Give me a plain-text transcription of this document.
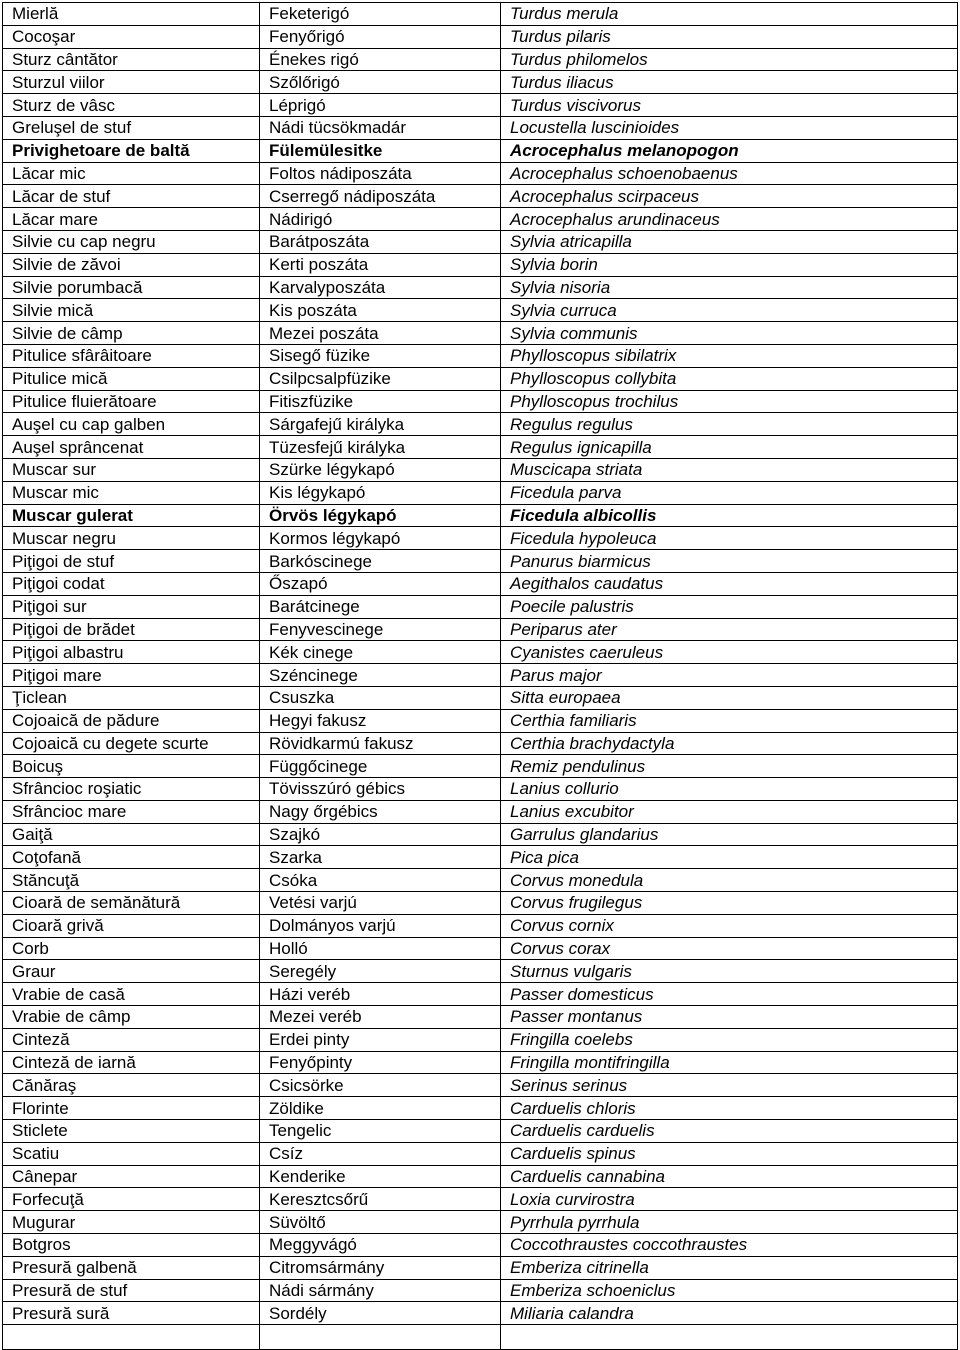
Mierlă	Feketerigó	Turdus merula
Cocoşar	Fenyőrigó	Turdus pilaris
Sturz cântător	Énekes rigó	Turdus philomelos
Sturzul viilor	Szőlőrigó	Turdus iliacus
Sturz de vâsc	Léprigó	Turdus viscivorus
Greluşel de stuf	Nádi tücsökmadár	Locustella luscinioides
Privighetoare de baltă	Fülemülesitke	Acrocephalus melanopogon
Lăcar mic	Foltos nádiposzáta	Acrocephalus schoenobaenus
Lăcar de stuf	Cserregő nádiposzáta	Acrocephalus scirpaceus
Lăcar mare	Nádirigó	Acrocephalus arundinaceus
Silvie cu cap negru	Barátposzáta	Sylvia atricapilla
Silvie de zăvoi	Kerti poszáta	Sylvia borin
Silvie porumbacă	Karvalyposzáta	Sylvia nisoria
Silvie mică	Kis poszáta	Sylvia curruca
Silvie de câmp	Mezei poszáta	Sylvia communis
Pitulice sfârâitoare	Sisegő füzike	Phylloscopus sibilatrix
Pitulice mică	Csilpcsalpfüzike	Phylloscopus collybita
Pitulice fluierătoare	Fitiszfüzike	Phylloscopus trochilus
Auşel cu cap galben	Sárgafejű királyka	Regulus regulus
Auşel sprâncenat	Tüzesfejű királyka	Regulus ignicapilla
Muscar sur	Szürke légykapó	Muscicapa striata
Muscar mic	Kis légykapó	Ficedula parva
Muscar gulerat	Örvös légykapó	Ficedula albicollis
Muscar negru	Kormos légykapó	Ficedula hypoleuca
Piţigoi de stuf	Barkóscinege	Panurus biarmicus
Piţigoi codat	Őszapó	Aegithalos caudatus
Piţigoi sur	Barátcinege	Poecile palustris
Piţigoi de brădet	Fenyvescinege	Periparus ater
Piţigoi albastru	Kék cinege	Cyanistes caeruleus
Piţigoi mare	Széncinege	Parus major
Ţiclean	Csuszka	Sitta europaea
Cojoaică de pădure	Hegyi fakusz	Certhia familiaris
Cojoaică cu degete scurte	Rövidkarmú fakusz	Certhia brachydactyla
Boicuş	Függőcinege	Remiz pendulinus
Sfrâncioc roşiatic	Tövisszúró gébics	Lanius collurio
Sfrâncioc mare	Nagy őrgébics	Lanius excubitor
Gaiţă	Szajkó	Garrulus glandarius
Coţofană	Szarka	Pica pica
Stăncuţă	Csóka	Corvus monedula
Cioară de semănătură	Vetési varjú	Corvus frugilegus
Cioară grivă	Dolmányos varjú	Corvus cornix
Corb	Holló	Corvus corax
Graur	Seregély	Sturnus vulgaris
Vrabie de casă	Házi veréb	Passer domesticus
Vrabie de câmp	Mezei veréb	Passer montanus
Cinteză	Erdei pinty	Fringilla coelebs
Cinteză de iarnă	Fenyőpinty	Fringilla montifringilla
Cănăraş	Csicsörke	Serinus serinus
Florinte	Zöldike	Carduelis chloris
Sticlete	Tengelic	Carduelis carduelis
Scatiu	Csíz	Carduelis spinus
Cânepar	Kenderike	Carduelis cannabina
Forfecuţă	Keresztcsőrű	Loxia curvirostra
Mugurar	Süvöltő	Pyrrhula pyrrhula
Botgros	Meggyvágó	Coccothraustes coccothraustes
Presură galbenă	Citromsármány	Emberiza citrinella
Presură de stuf	Nádi sármány	Emberiza schoeniclus
Presură sură	Sordély	Miliaria calandra
